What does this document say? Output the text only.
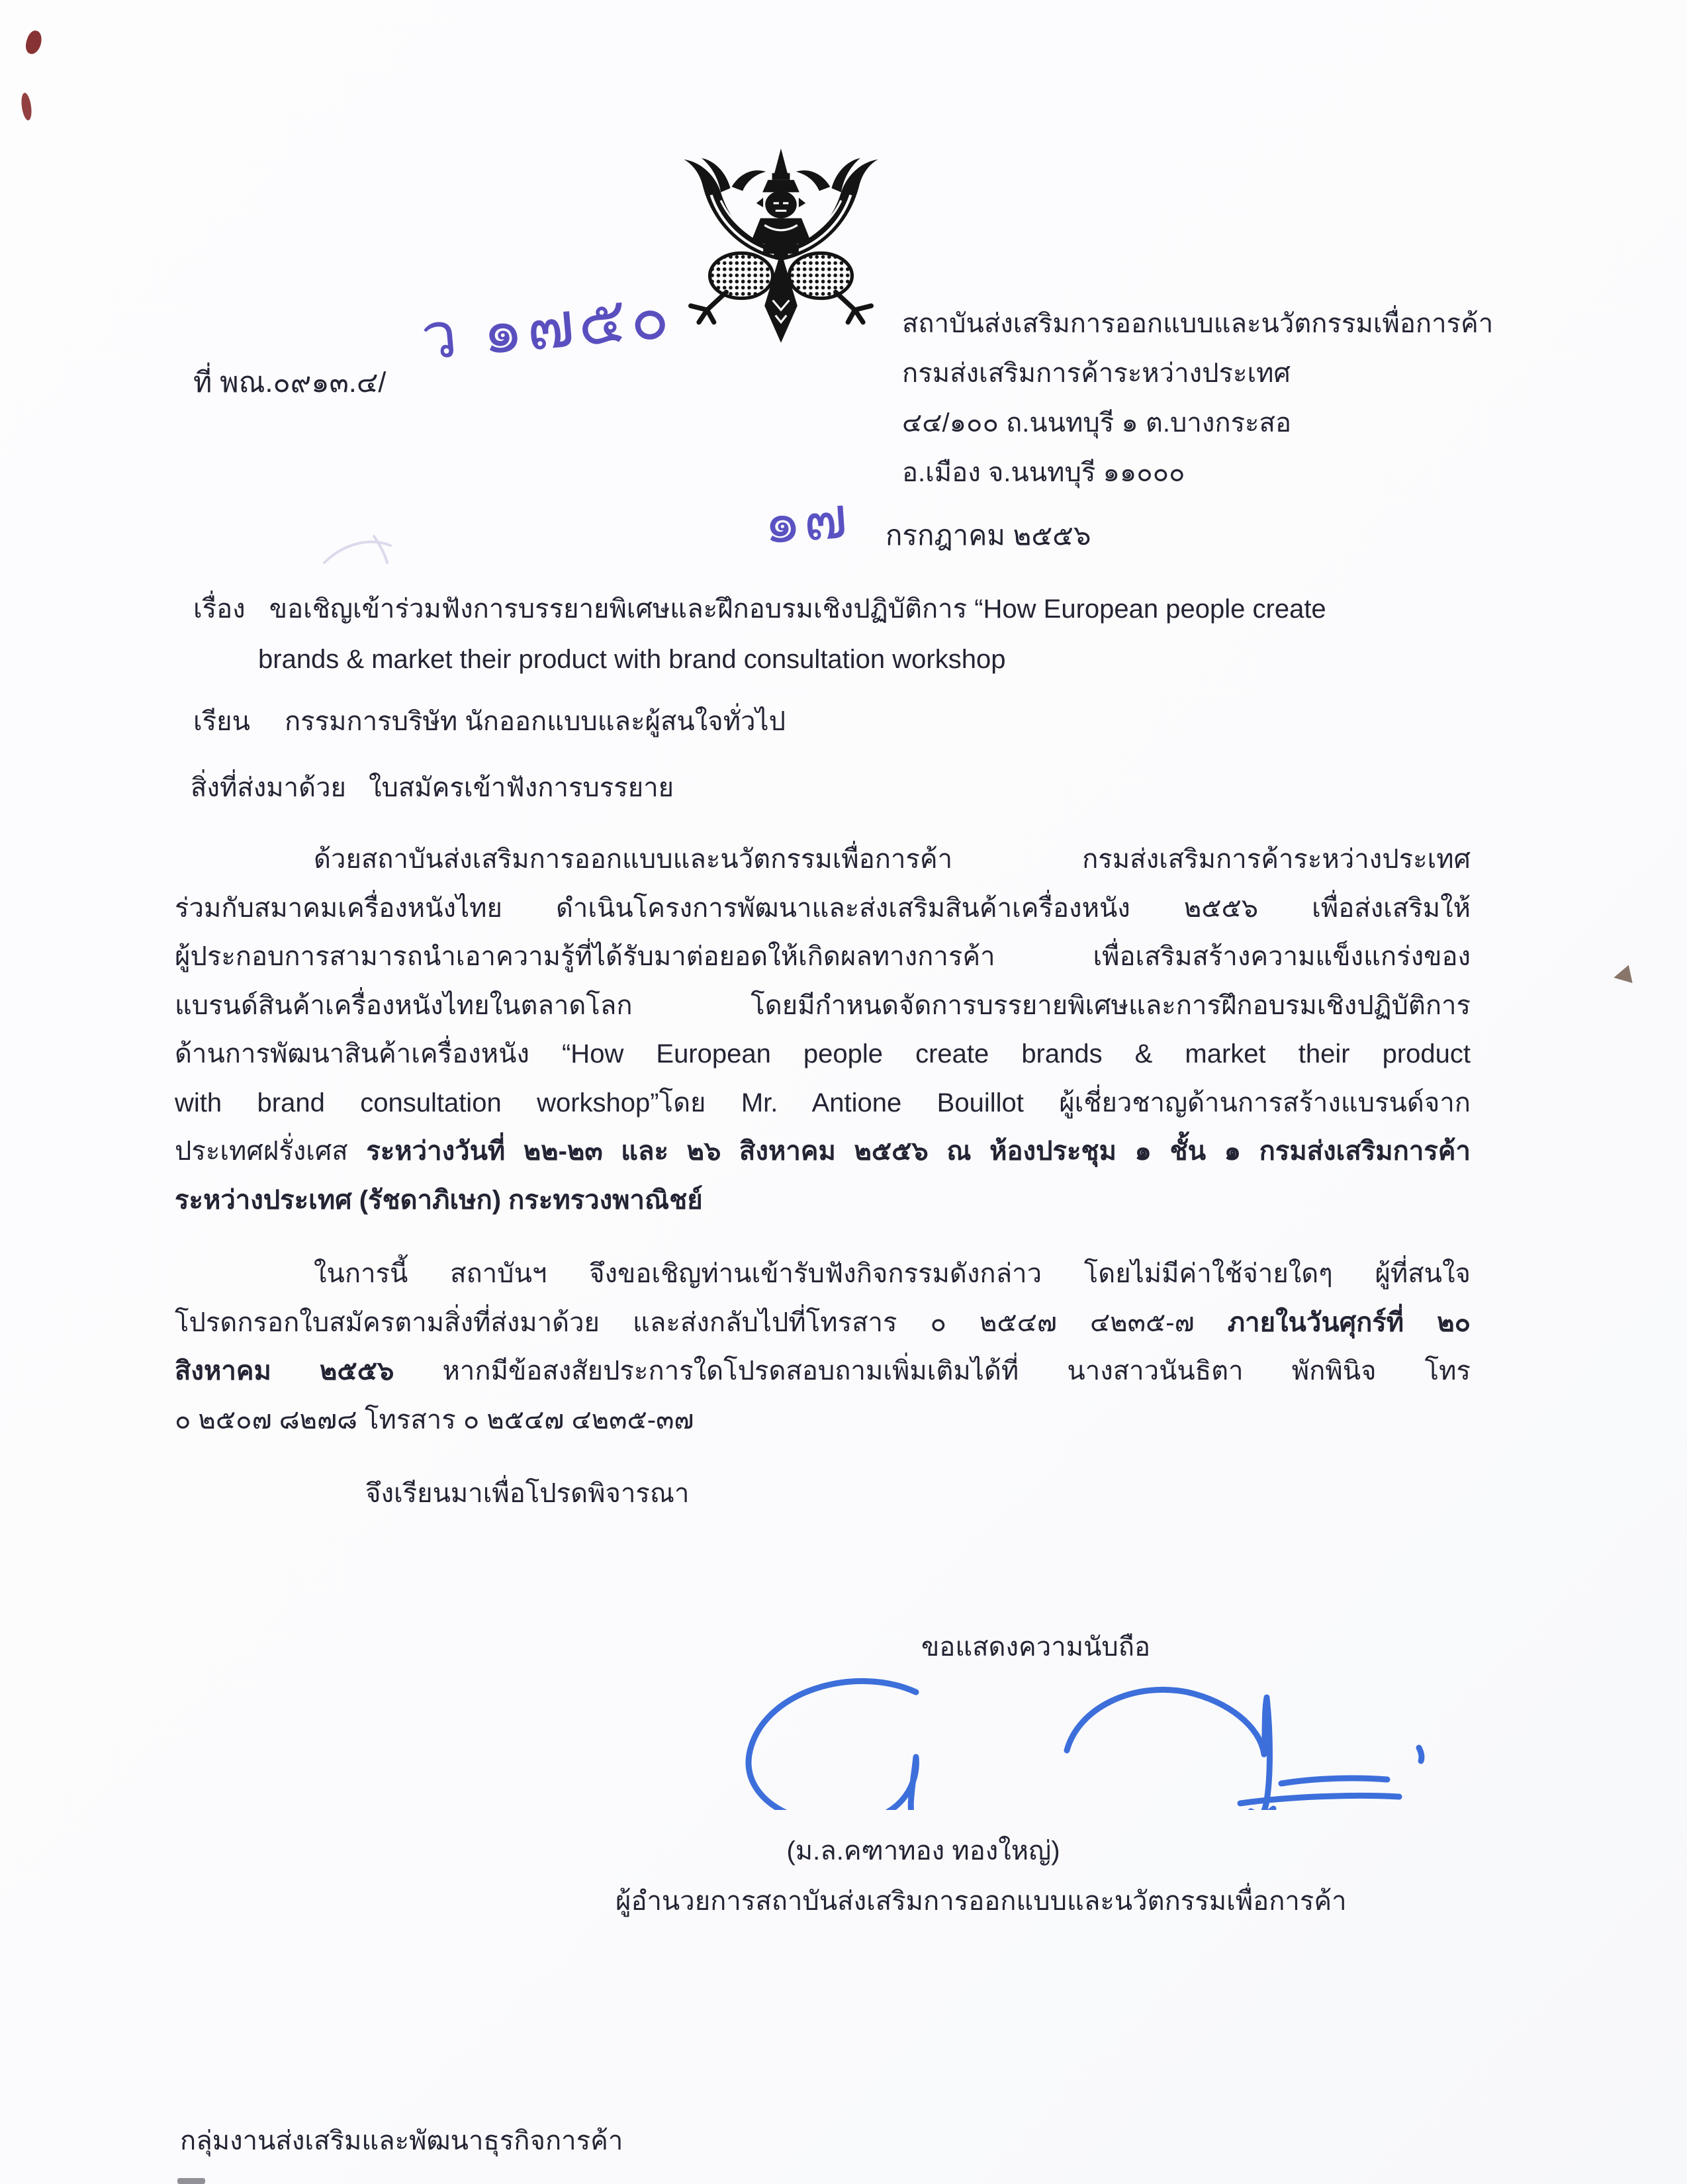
ที่ พณ.๐๙๑๓.๔/
ว ๑๗๕๐	สถาบันส่งเสริมการออกแบบและนวัตกรรมเพื่อการค้า
กรมส่งเสริมการค้าระหว่างประเทศ
๔๔/๑๐๐ ถ.นนทบุรี ๑ ต.บางกระสอ
อ.เมือง จ.นนทบุรี ๑๑๐๐๐
๑๗ กรกฎาคม ๒๕๕๖
เรื่อง ขอเชิญเข้าร่วมฟังการบรรยายพิเศษและฝึกอบรมเชิงปฏิบัติการ “How European people create
brands & market their product with brand consultation workshop
เรียน กรรมการบริษัท นักออกแบบและผู้สนใจทั่วไป
สิ่งที่ส่งมาด้วย ใบสมัครเข้าฟังการบรรยาย
ด้วยสถาบันส่งเสริมการออกแบบและนวัตกรรมเพื่อการค้า กรมส่งเสริมการค้าระหว่างประเทศ
ร่วมกับสมาคมเครื่องหนังไทย ดำเนินโครงการพัฒนาและส่งเสริมสินค้าเครื่องหนัง ๒๕๕๖ เพื่อส่งเสริมให้
ผู้ประกอบการสามารถนำเอาความรู้ที่ได้รับมาต่อยอดให้เกิดผลทางการค้า เพื่อเสริมสร้างความแข็งแกร่งของ
แบรนด์สินค้าเครื่องหนังไทยในตลาดโลก โดยมีกำหนดจัดการบรรยายพิเศษและการฝึกอบรมเชิงปฏิบัติการ
ด้านการพัฒนาสินค้าเครื่องหนัง “How European people create brands & market their product
with brand consultation workshop”โดย Mr. Antione Bouillot ผู้เชี่ยวชาญด้านการสร้างแบรนด์จาก
ประเทศฝรั่งเศส ระหว่างวันที่ ๒๒-๒๓ และ ๒๖ สิงหาคม ๒๕๕๖ ณ ห้องประชุม ๑ ชั้น ๑ กรมส่งเสริมการค้า
ระหว่างประเทศ (รัชดาภิเษก) กระทรวงพาณิชย์
ในการนี้ สถาบันฯ จึงขอเชิญท่านเข้ารับฟังกิจกรรมดังกล่าว โดยไม่มีค่าใช้จ่ายใดๆ ผู้ที่สนใจ
โปรดกรอกใบสมัครตามสิ่งที่ส่งมาด้วย และส่งกลับไปที่โทรสาร ๐ ๒๕๔๗ ๔๒๓๕-๗ ภายในวันศุกร์ที่ ๒๐
สิงหาคม ๒๕๕๖ หากมีข้อสงสัยประการใดโปรดสอบถามเพิ่มเติมได้ที่ นางสาวนันธิตา พักพินิจ โทร
๐ ๒๕๐๗ ๘๒๗๘ โทรสาร ๐ ๒๕๔๗ ๔๒๓๕-๓๗
จึงเรียนมาเพื่อโปรดพิจารณา
ขอแสดงความนับถือ
(ม.ล.คฑาทอง ทองใหญ่)
ผู้อำนวยการสถาบันส่งเสริมการออกแบบและนวัตกรรมเพื่อการค้า
กลุ่มงานส่งเสริมและพัฒนาธุรกิจการค้า
